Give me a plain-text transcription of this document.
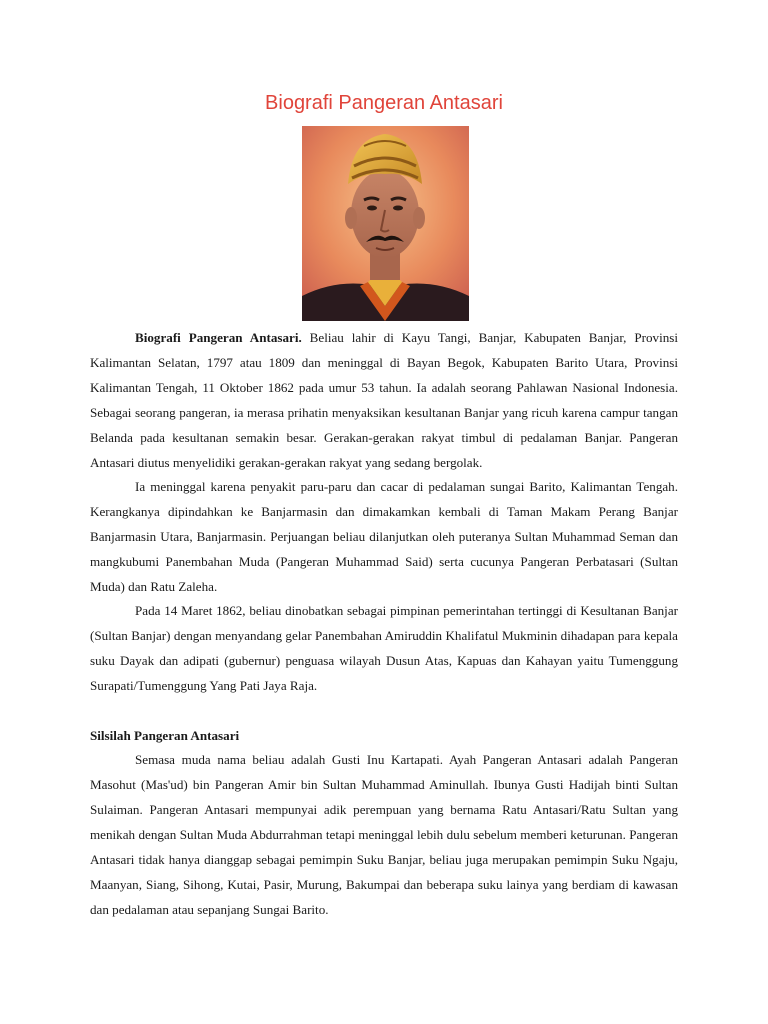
Biografi Pangeran Antasari

Biografi Pangeran Antasari. Beliau lahir di Kayu Tangi, Banjar, Kabupaten Banjar, Provinsi Kalimantan Selatan, 1797 atau 1809 dan meninggal di Bayan Begok, Kabupaten Barito Utara, Provinsi Kalimantan Tengah, 11 Oktober 1862 pada umur 53 tahun. Ia adalah seorang Pahlawan Nasional Indonesia. Sebagai seorang pangeran, ia merasa prihatin menyaksikan kesultanan Banjar yang ricuh karena campur tangan Belanda pada kesultanan semakin besar. Gerakan-gerakan rakyat timbul di pedalaman Banjar. Pangeran Antasari diutus menyelidiki gerakan-gerakan rakyat yang sedang bergolak.

Ia meninggal karena penyakit paru-paru dan cacar di pedalaman sungai Barito, Kalimantan Tengah. Kerangkanya dipindahkan ke Banjarmasin dan dimakamkan kembali di Taman Makam Perang Banjar Banjarmasin Utara, Banjarmasin. Perjuangan beliau dilanjutkan oleh puteranya Sultan Muhammad Seman dan mangkubumi Panembahan Muda (Pangeran Muhammad Said) serta cucunya Pangeran Perbatasari (Sultan Muda) dan Ratu Zaleha.

Pada 14 Maret 1862, beliau dinobatkan sebagai pimpinan pemerintahan tertinggi di Kesultanan Banjar (Sultan Banjar) dengan menyandang gelar Panembahan Amiruddin Khalifatul Mukminin dihadapan para kepala suku Dayak dan adipati (gubernur) penguasa wilayah Dusun Atas, Kapuas dan Kahayan yaitu Tumenggung Surapati/Tumenggung Yang Pati Jaya Raja.

Silsilah Pangeran Antasari

Semasa muda nama beliau adalah Gusti Inu Kartapati. Ayah Pangeran Antasari adalah Pangeran Masohut (Mas'ud) bin Pangeran Amir bin Sultan Muhammad Aminullah. Ibunya Gusti Hadijah binti Sultan Sulaiman. Pangeran Antasari mempunyai adik perempuan yang bernama Ratu Antasari/Ratu Sultan yang menikah dengan Sultan Muda Abdurrahman tetapi meninggal lebih dulu sebelum memberi keturunan. Pangeran Antasari tidak hanya dianggap sebagai pemimpin Suku Banjar, beliau juga merupakan pemimpin Suku Ngaju, Maanyan, Siang, Sihong, Kutai, Pasir, Murung, Bakumpai dan beberapa suku lainya yang berdiam di kawasan dan pedalaman atau sepanjang Sungai Barito.
